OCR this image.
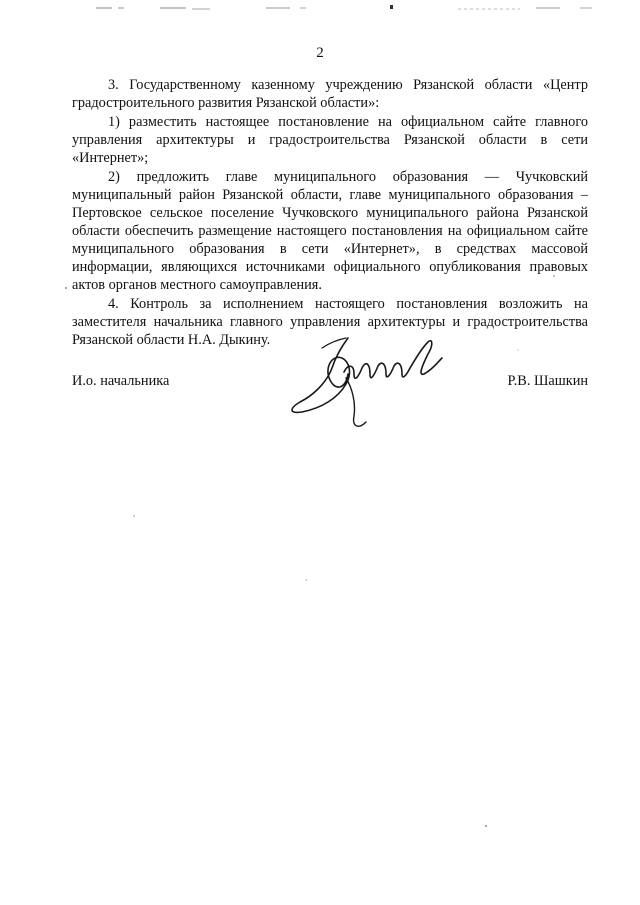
2

3. Государственному казенному учреждению Рязанской области «Центр градостроительного развития Рязанской области»:

1) разместить настоящее постановление на официальном сайте главного управления архитектуры и градостроительства Рязанской области в сети «Интернет»;

2) предложить главе муниципального образования — Чучковский муниципальный район Рязанской области, главе муниципального образования – Пертовское сельское поселение Чучковского муниципального района Рязанской области обеспечить размещение настоящего постановления на официальном сайте муниципального образования в сети «Интернет», в средствах массовой информации, являющихся источниками официального опубликования правовых актов органов местного самоуправления.

4. Контроль за исполнением настоящего постановления возложить на заместителя начальника главного управления архитектуры и градостроительства Рязанской области Н.А. Дыкину.

И.о. начальника	Р.В. Шашкин
